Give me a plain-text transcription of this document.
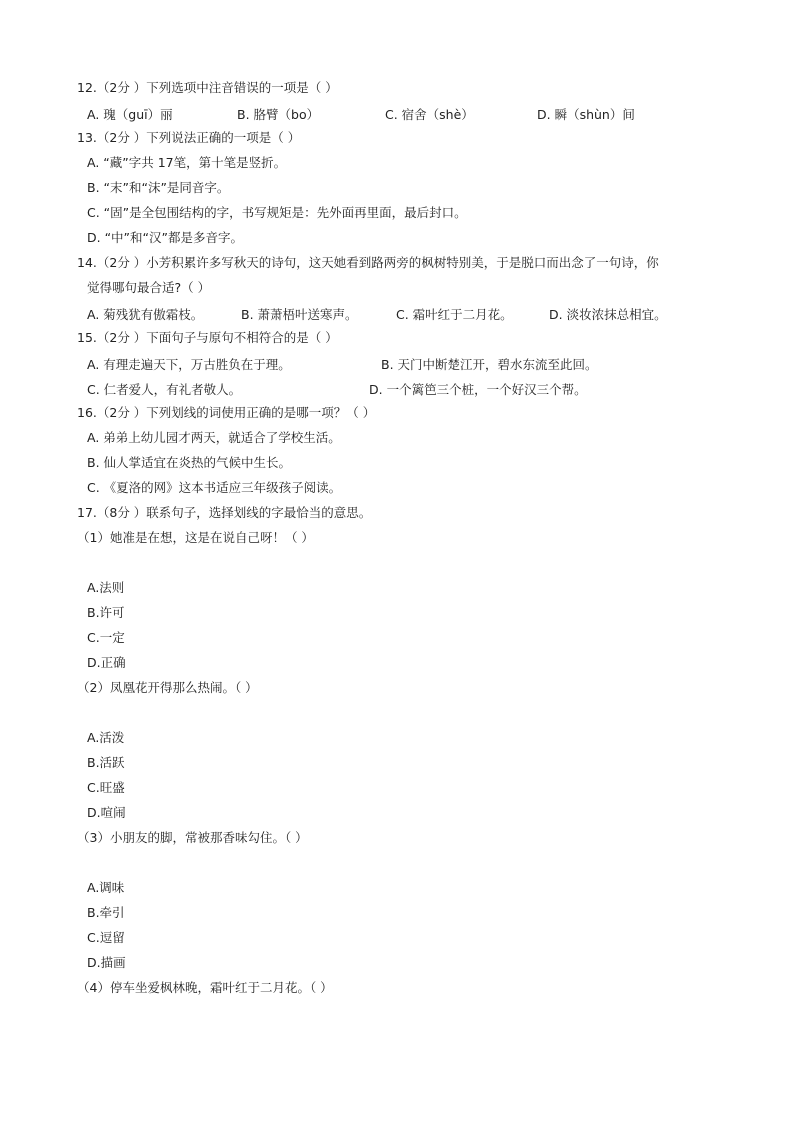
12.（2分 ）下列选项中注音错误的一项是（ ）
A. 瑰（guī）丽	B. 胳臂（bo）	C. 宿舍（shè）	D. 瞬（shùn）间
13.（2分 ）下列说法正确的一项是（ ）
A. “藏”字共 17笔，第十笔是竖折。
B. “末”和“沫”是同音字。
C. “固”是全包围结构的字，书写规矩是：先外面再里面，最后封口。
D. “中”和“汉”都是多音字。
14.（2分 ）小芳积累许多写秋天的诗句，这天她看到路两旁的枫树特别美，于是脱口而出念了一句诗，你
觉得哪句最合适?（ ）
A. 菊残犹有傲霜枝。	B. 萧萧梧叶送寒声。	C. 霜叶红于二月花。	D. 淡妆浓抹总相宜。
15.（2分 ）下面句子与原句不相符合的是（ ）
A. 有理走遍天下，万古胜负在于理。	B. 天门中断楚江开，碧水东流至此回。
C. 仁者爱人，有礼者敬人。	D. 一个篱笆三个桩，一个好汉三个帮。
16.（2分 ）下列划线的词使用正确的是哪一项？（ ）
A. 弟弟上幼儿园才两天，就适合了学校生活。
B. 仙人掌适宜在炎热的气候中生长。
C. 《夏洛的网》这本书适应三年级孩子阅读。
17.（8分 ）联系句子，选择划线的字最恰当的意思。
（1）她准是在想，这是在说自己呀！（ ）
A.法则
B.许可
C.一定
D.正确
（2）凤凰花开得那么热闹。（ ）
A.活泼
B.活跃
C.旺盛
D.喧闹
（3）小朋友的脚，常被那香味勾住。（ ）
A.调味
B.牵引
C.逗留
D.描画
（4）停车坐爱枫林晚，霜叶红于二月花。（ ）
